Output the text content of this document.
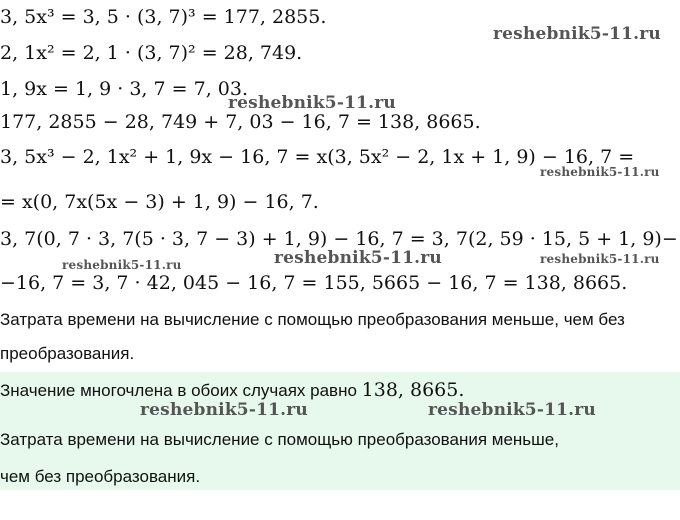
3, 5x³ = 3, 5 · (3, 7)³ = 177, 2855.
2, 1x² = 2, 1 · (3, 7)² = 28, 749.
1, 9x = 1, 9 · 3, 7 = 7, 03.
177, 2855 − 28, 749 + 7, 03 − 16, 7 = 138, 8665.
3, 5x³ − 2, 1x² + 1, 9x − 16, 7 = x(3, 5x² − 2, 1x + 1, 9) − 16, 7 =
= x(0, 7x(5x − 3) + 1, 9) − 16, 7.
3, 7(0, 7 · 3, 7(5 · 3, 7 − 3) + 1, 9) − 16, 7 = 3, 7(2, 59 · 15, 5 + 1, 9)−
−16, 7 = 3, 7 · 42, 045 − 16, 7 = 155, 5665 − 16, 7 = 138, 8665.
Затрата времени на вычисление с помощью преобразования меньше, чем без
преобразования.
Значение многочлена в обоих случаях равно 138, 8665.
Затрата времени на вычисление с помощью преобразования меньше,
чем без преобразования.
reshebnik5-11.ru
reshebnik5-11.ru
reshebnik5-11.ru
reshebnik5-11.ru	reshebnik5-11.ru	reshebnik5-11.ru
reshebnik5-11.ru	reshebnik5-11.ru
